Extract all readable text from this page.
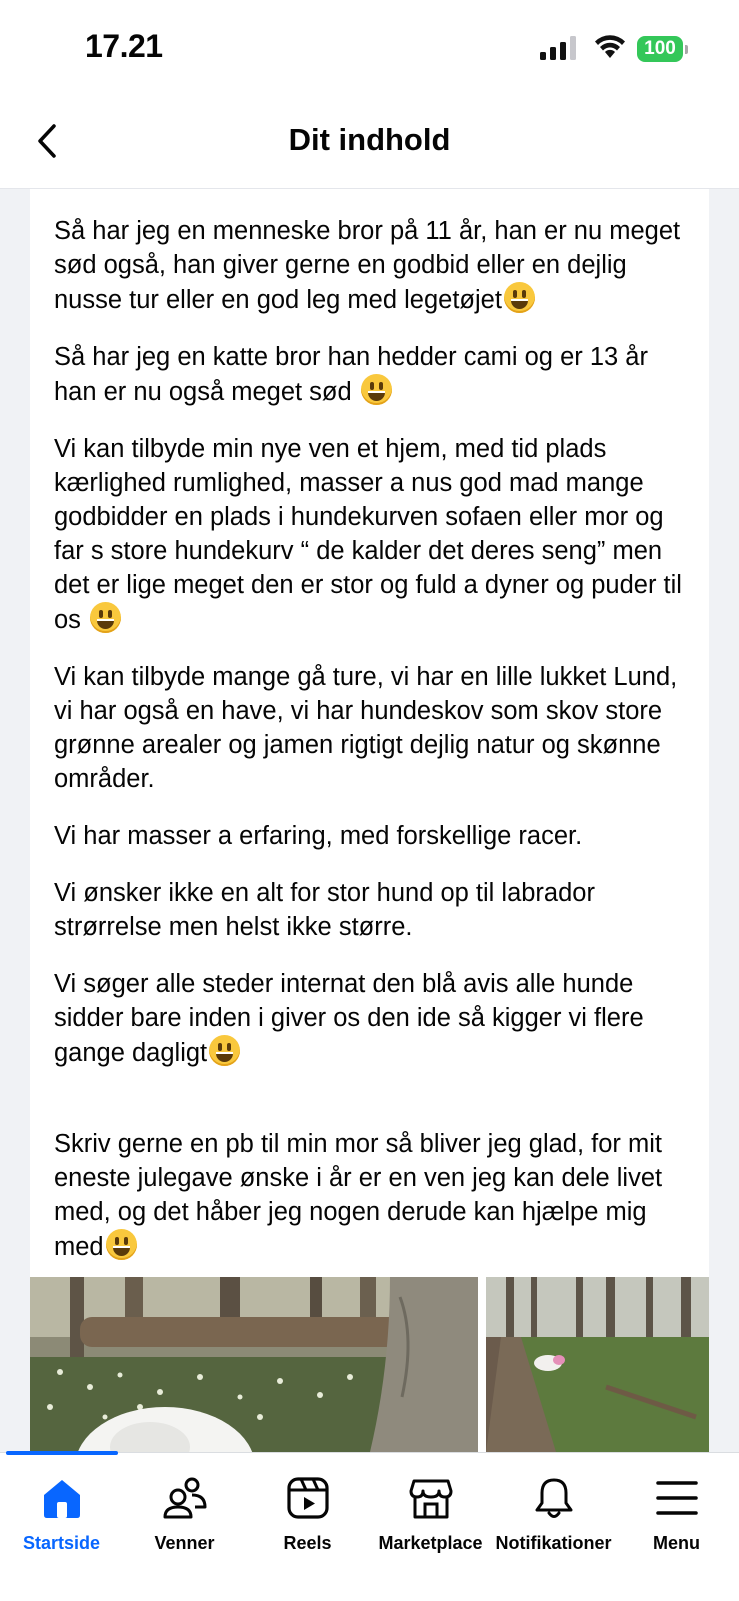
17.21	100
Dit indhold

Så har jeg en menneske bror på 11 år, han er nu meget sød også, han giver gerne en godbid eller en dejlig nusse tur eller en god leg med legetøjet

Så har jeg en katte bror han hedder cami og er 13 år han er nu også meget sød

Vi kan tilbyde min nye ven et hjem, med tid plads kærlighed rumlighed, masser a nus god mad mange godbidder en plads i hundekurven sofaen eller mor og far s store hundekurv “ de kalder det deres seng” men det er lige meget den er stor og fuld a dyner og puder til os

Vi kan tilbyde mange gå ture, vi har en lille lukket Lund, vi har også en have, vi har hundeskov som skov store grønne arealer og jamen rigtigt dejlig natur og skønne områder.

Vi har masser a erfaring, med forskellige racer.

Vi ønsker ikke en alt for stor hund op til labrador strørrelse men helst ikke større.

Vi søger alle steder internat den blå avis alle hunde sidder bare inden i giver os den ide så kigger vi flere gange dagligt

Skriv gerne en pb til min mor så bliver jeg glad, for mit eneste julegave ønske i år er en ven jeg kan dele livet med, og det håber jeg nogen derude kan hjælpe mig med

Startside	Venner	Reels	Marketplace Notifikationer	Menu
